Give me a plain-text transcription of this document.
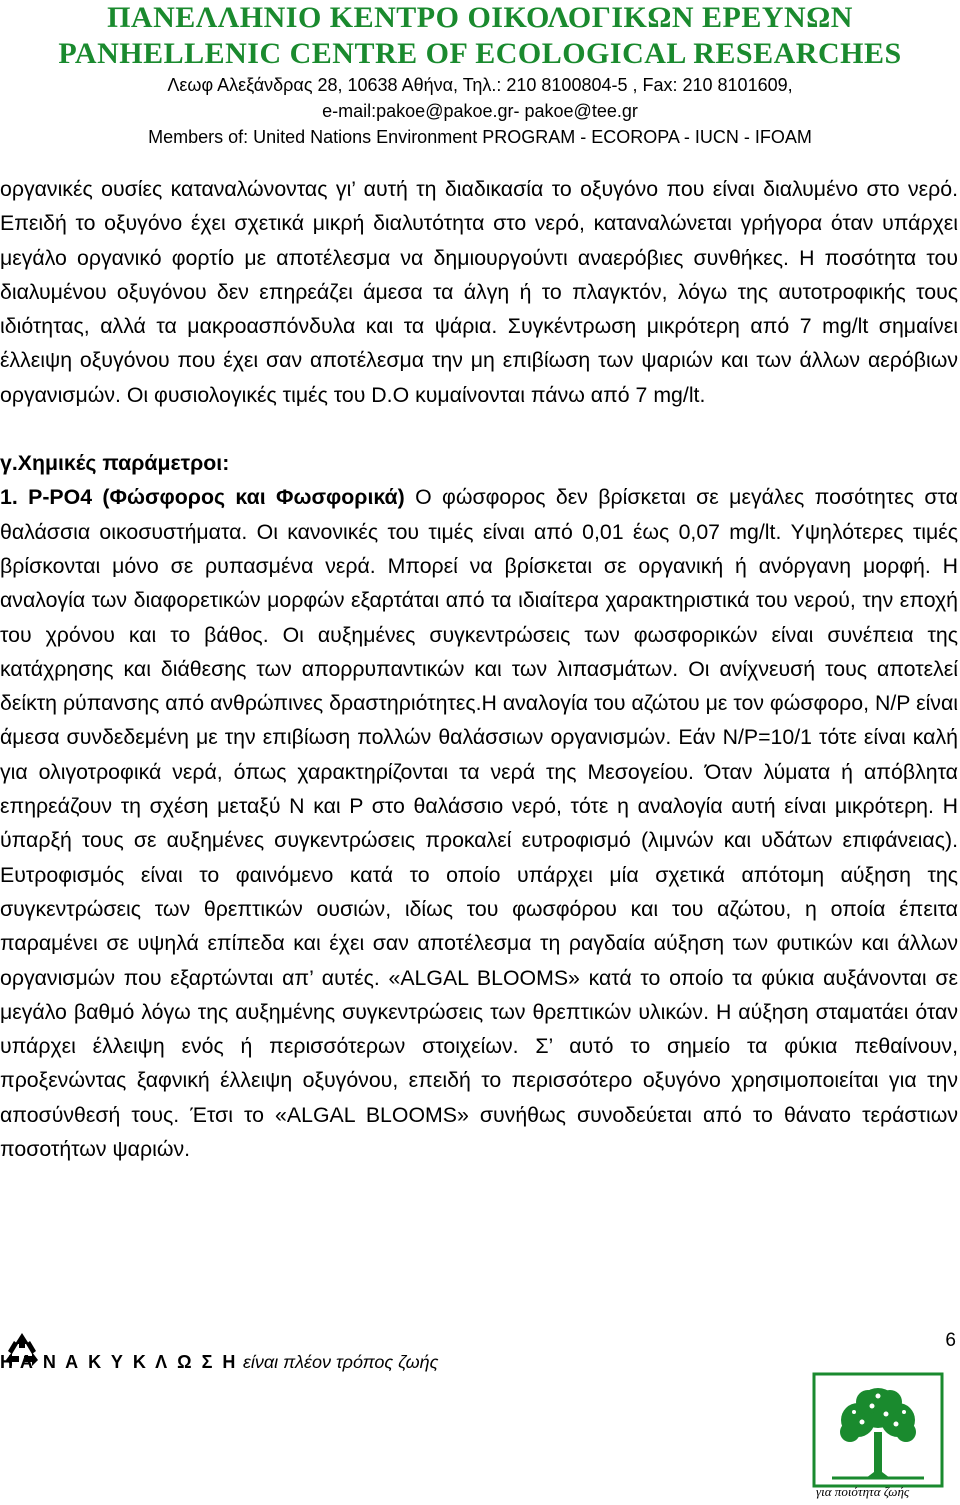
ΠΑΝΕΛΛΗΝΙΟ ΚΕΝΤΡΟ ΟΙΚΟΛΟΓΙΚΩΝ ΕΡΕΥΝΩΝ
PANHELLENIC CENTRE OF ECOLOGICAL RESEARCHES
Λεωφ Αλεξάνδρας 28, 10638 Αθήνα, Τηλ.: 210 8100804-5 , Fax: 210 8101609,
e-mail:pakoe@pakoe.gr- pakoe@tee.gr
Members of: United Nations Environment PROGRAM - ECOROPA - IUCN - IFOAM

οργανικές ουσίες καταναλώνοντας γι’ αυτή τη διαδικασία το οξυγόνο που είναι διαλυμένο στο νερό. Επειδή το οξυγόνο έχει σχετικά μικρή διαλυτότητα στο νερό, καταναλώνεται γρήγορα όταν υπάρχει μεγάλο οργανικό φορτίο με αποτέλεσμα να δημιουργούντι αναερόβιες συνθήκες. Η ποσότητα του διαλυμένου οξυγόνου δεν επηρεάζει άμεσα τα άλγη ή το πλαγκτόν, λόγω της αυτοτροφικής τους ιδιότητας, αλλά τα μακροασπόνδυλα και τα ψάρια. Συγκέντρωση μικρότερη από 7 mg/lt σημαίνει έλλειψη οξυγόνου που έχει σαν αποτέλεσμα την μη επιβίωση των ψαριών και των άλλων αερόβιων οργανισμών. Οι φυσιολογικές τιμές του D.O κυμαίνονται πάνω από 7 mg/lt.

γ.Χημικές παράμετροι:

1. P-PO4 (Φώσφορος και Φωσφορικά) Ο φώσφορος δεν βρίσκεται σε μεγάλες ποσότητες στα θαλάσσια οικοσυστήματα. Οι κανονικές του τιμές είναι από 0,01 έως 0,07 mg/lt. Υψηλότερες τιμές βρίσκονται μόνο σε ρυπασμένα νερά. Μπορεί να βρίσκεται σε οργανική ή ανόργανη μορφή. Η αναλογία των διαφορετικών μορφών εξαρτάται από τα ιδιαίτερα χαρακτηριστικά του νερού, την εποχή του χρόνου και το βάθος. Οι αυξημένες συγκεντρώσεις των φωσφορικών είναι συνέπεια της κατάχρησης και διάθεσης των απορρυπαντικών και των λιπασμάτων. Οι ανίχνευσή τους αποτελεί δείκτη ρύπανσης από ανθρώπινες δραστηριότητες.Η αναλογία του αζώτου με τον φώσφορο, N/P είναι άμεσα συνδεδεμένη με την επιβίωση πολλών θαλάσσιων οργανισμών. Εάν N/P=10/1 τότε είναι καλή για ολιγοτροφικά νερά, όπως χαρακτηρίζονται τα νερά της Μεσογείου. Όταν λύματα ή απόβλητα επηρεάζουν τη σχέση μεταξύ N και P στο θαλάσσιο νερό, τότε η αναλογία αυτή είναι μικρότερη. Η ύπαρξή τους σε αυξημένες συγκεντρώσεις προκαλεί ευτροφισμό (λιμνών και υδάτων επιφάνειας). Ευτροφισμός είναι το φαινόμενο κατά το οποίο υπάρχει μία σχετικά απότομη αύξηση της συγκεντρώσεις των θρεπτικών ουσιών, ιδίως του φωσφόρου και του αζώτου, η οποία έπειτα παραμένει σε υψηλά επίπεδα και έχει σαν αποτέλεσμα τη ραγδαία αύξηση των φυτικών και άλλων οργανισμών που εξαρτώνται απ’ αυτές. «ALGAL BLOOMS» κατά το οποίο τα φύκια αυξάνονται σε μεγάλο βαθμό λόγω της αυξημένης συγκεντρώσεις των θρεπτικών υλικών. Η αύξηση σταματάει όταν υπάρχει έλλειψη ενός ή περισσότερων στοιχείων. Σ’ αυτό το σημείο τα φύκια πεθαίνουν, προξενώντας ξαφνική έλλειψη οξυγόνου, επειδή το περισσότερο οξυγόνο χρησιμοποιείται για την αποσύνθεσή τους. Έτσι το «ALGAL BLOOMS» συνήθως συνοδεύεται από το θάνατο τεράστιων ποσοτήτων ψαριών.

Η Α Ν Α Κ Υ Κ Λ Ω Σ Η είναι πλέον τρόπος ζωής
6
για ποιότητα ζωής
